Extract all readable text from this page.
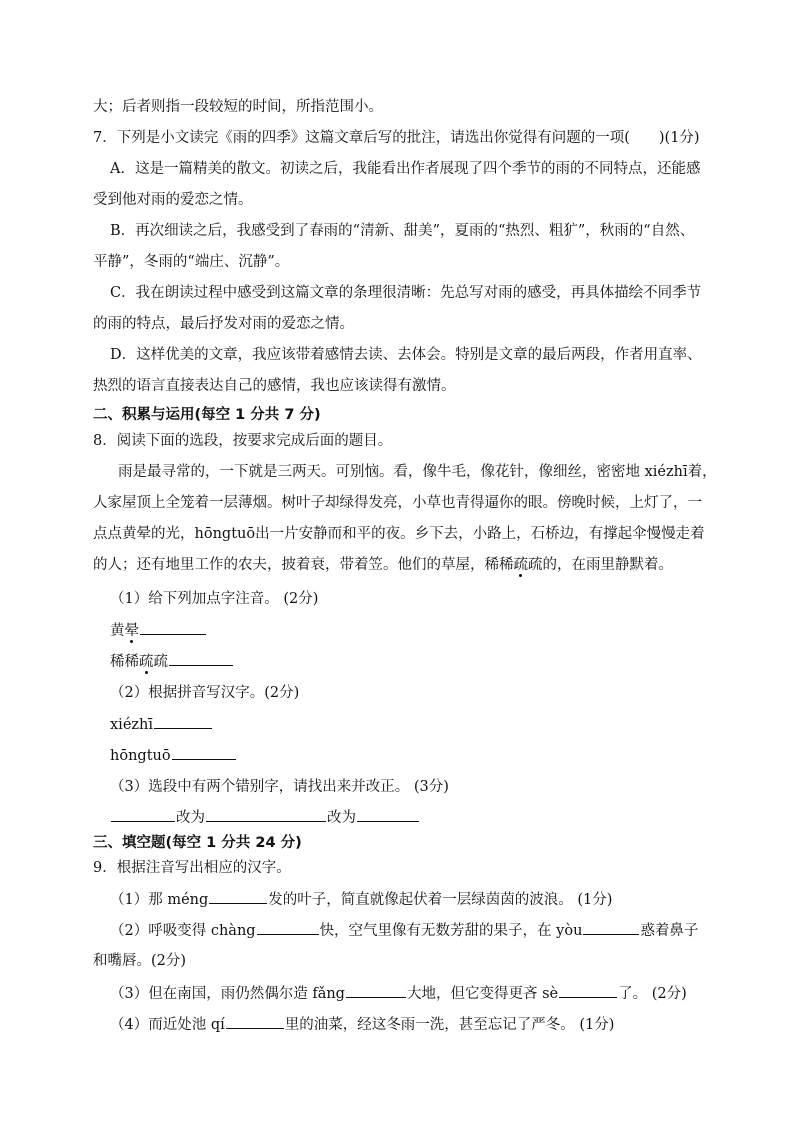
大；后者则指一段较短的时间，所指范围小。
7．下列是小文读完《雨的四季》这篇文章后写的批注，请选出你觉得有问题的一项(　　)(1分)
A．这是一篇精美的散文。初读之后，我能看出作者展现了四个季节的雨的不同特点，还能感
受到他对雨的爱恋之情。
B．再次细读之后，我感受到了春雨的“清新、甜美”，夏雨的“热烈、粗犷”，秋雨的“自然、
平静”，冬雨的“端庄、沉静”。
C．我在朗读过程中感受到这篇文章的条理很清晰：先总写对雨的感受，再具体描绘不同季节
的雨的特点，最后抒发对雨的爱恋之情。
D．这样优美的文章，我应该带着感情去读、去体会。特别是文章的最后两段，作者用直率、
热烈的语言直接表达自己的感情，我也应该读得有激情。
二、积累与运用(每空 1 分共 7 分)
8．阅读下面的选段，按要求完成后面的题目。
雨是最寻常的，一下就是三两天。可别恼。看，像牛毛，像花针，像细丝，密密地 xiézhī着，
人家屋顶上全笼着一层薄烟。树叶子却绿得发亮，小草也青得逼你的眼。傍晚时候，上灯了，一
点点黄晕的光，hōngtuō出一片安静而和平的夜。乡下去，小路上，石桥边，有撑起伞慢慢走着
的人；还有地里工作的农夫，披着衰，带着笠。他们的草屋，稀稀疏疏的，在雨里静默着。
（1）给下列加点字注音。 (2分)
黄晕
稀稀疏疏
（2）根据拼音写汉字。(2分)
xiézhī
hōngtuō
（3）选段中有两个错别字，请找出来并改正。 (3分)
改为	改为
三、填空题(每空 1 分共 24 分)
9．根据注音写出相应的汉字。
（1）那 méng	发的叶子，简直就像起伏着一层绿茵茵的波浪。 (1分)
（2）呼吸变得 chàng	快，空气里像有无数芳甜的果子，在 yòu	惑着鼻子
和嘴唇。(2分)
（3）但在南国，雨仍然偶尔造 fǎng	大地，但它变得更吝 sè	了。 (2分)
（4）而近处池 qí	里的油菜，经这冬雨一洗，甚至忘记了严冬。 (1分)
